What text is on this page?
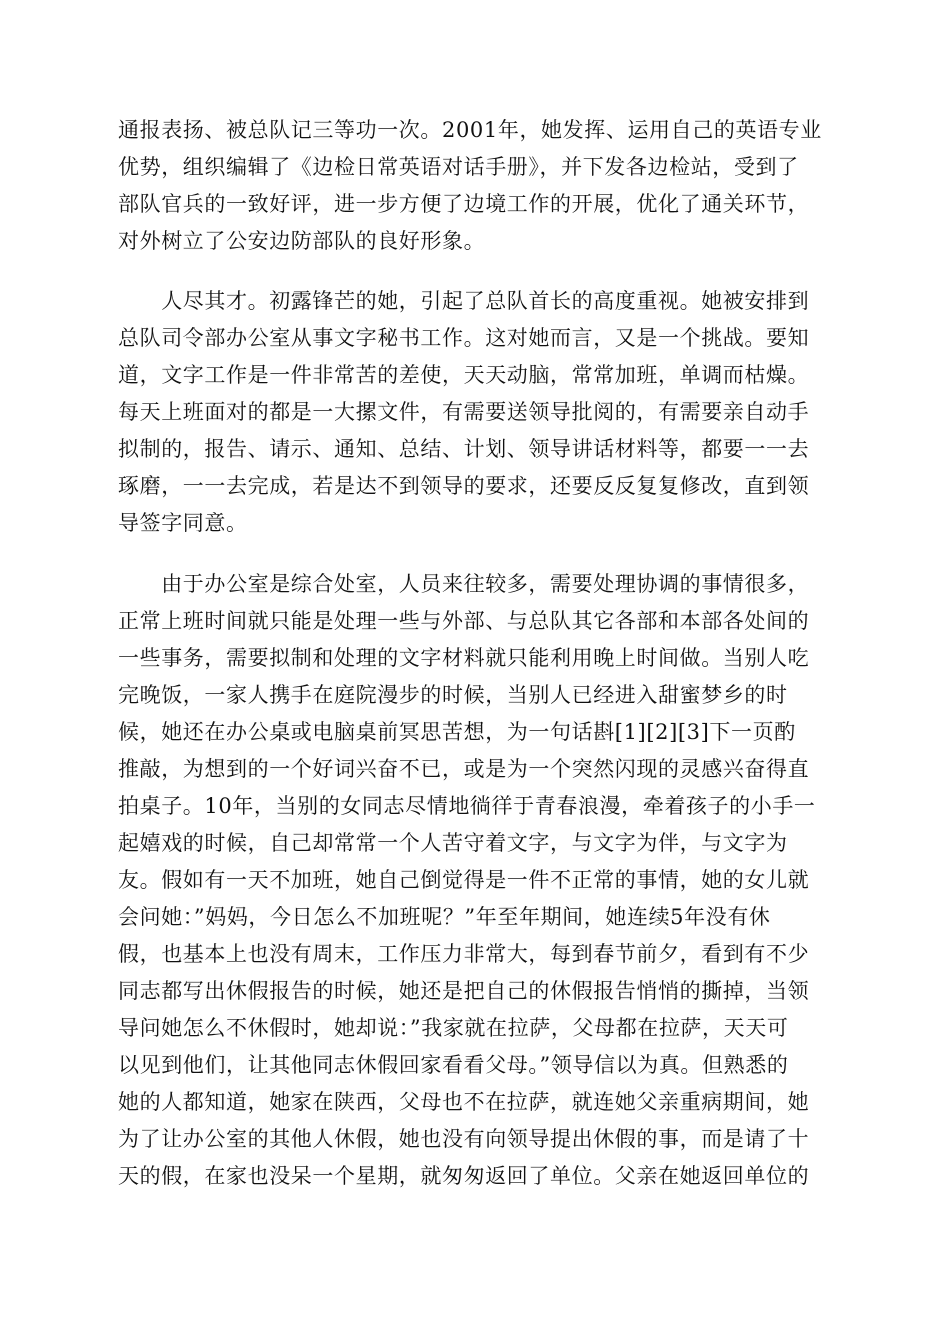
通报表扬、被总队记三等功一次。2001年，她发挥、运用自己的英语专业
优势，组织编辑了《边检日常英语对话手册》，并下发各边检站，受到了
部队官兵的一致好评，进一步方便了边境工作的开展，优化了通关环节，
对外树立了公安边防部队的良好形象。
　　人尽其才。初露锋芒的她，引起了总队首长的高度重视。她被安排到
总队司令部办公室从事文字秘书工作。这对她而言，又是一个挑战。要知
道，文字工作是一件非常苦的差使，天天动脑，常常加班，单调而枯燥。
每天上班面对的都是一大摞文件，有需要送领导批阅的，有需要亲自动手
拟制的，报告、请示、通知、总结、计划、领导讲话材料等，都要一一去
琢磨，一一去完成，若是达不到领导的要求，还要反反复复修改，直到领
导签字同意。
　　由于办公室是综合处室，人员来往较多，需要处理协调的事情很多，
正常上班时间就只能是处理一些与外部、与总队其它各部和本部各处间的
一些事务，需要拟制和处理的文字材料就只能利用晚上时间做。当别人吃
完晚饭，一家人携手在庭院漫步的时候，当别人已经进入甜蜜梦乡的时
候，她还在办公桌或电脑桌前冥思苦想，为一句话斟[1][2][3]下一页酌
推敲，为想到的一个好词兴奋不已，或是为一个突然闪现的灵感兴奋得直
拍桌子。10年，当别的女同志尽情地徜徉于青春浪漫，牵着孩子的小手一
起嬉戏的时候，自己却常常一个人苦守着文字，与文字为伴，与文字为
友。假如有一天不加班，她自己倒觉得是一件不正常的事情，她的女儿就
会问她：”妈妈，今日怎么不加班呢？”年至年期间，她连续5年没有休
假，也基本上也没有周末，工作压力非常大，每到春节前夕，看到有不少
同志都写出休假报告的时候，她还是把自己的休假报告悄悄的撕掉，当领
导问她怎么不休假时，她却说：”我家就在拉萨，父母都在拉萨，天天可
以见到他们，让其他同志休假回家看看父母。”领导信以为真。但熟悉的
她的人都知道，她家在陕西，父母也不在拉萨，就连她父亲重病期间，她
为了让办公室的其他人休假，她也没有向领导提出休假的事，而是请了十
天的假，在家也没呆一个星期，就匆匆返回了单位。父亲在她返回单位的
